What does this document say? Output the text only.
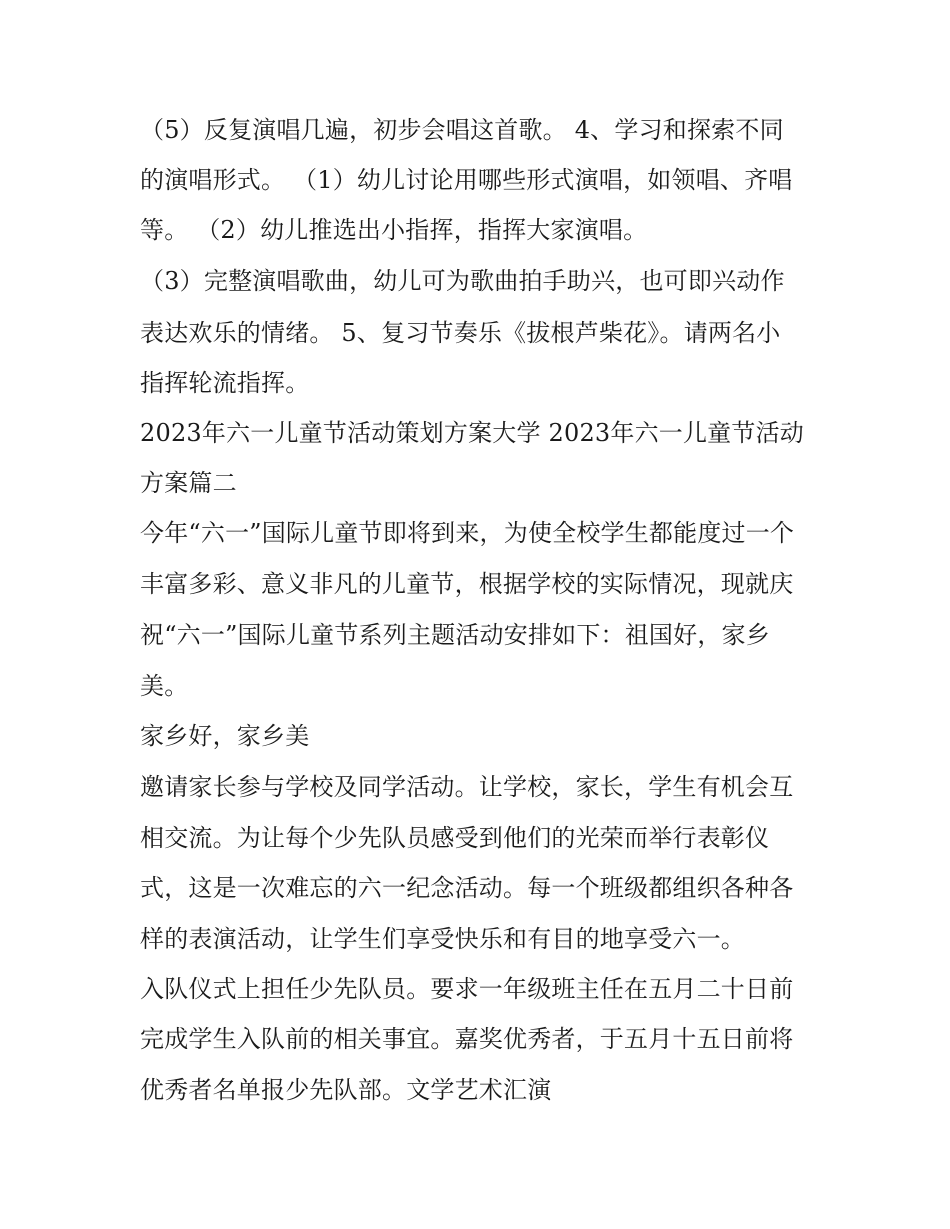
（5）反复演唱几遍，初步会唱这首歌。 4、学习和探索不同
的演唱形式。 （1）幼儿讨论用哪些形式演唱，如领唱、齐唱
等。 （2）幼儿推选出小指挥，指挥大家演唱。
（3）完整演唱歌曲，幼儿可为歌曲拍手助兴，也可即兴动作
表达欢乐的情绪。 5、复习节奏乐《拔根芦柴花》。请两名小
指挥轮流指挥。
2023年六一儿童节活动策划方案大学 2023年六一儿童节活动
方案篇二
今年“六一”国际儿童节即将到来，为使全校学生都能度过一个
丰富多彩、意义非凡的儿童节，根据学校的实际情况，现就庆
祝“六一”国际儿童节系列主题活动安排如下：祖国好，家乡
美。
家乡好，家乡美
邀请家长参与学校及同学活动。让学校，家长，学生有机会互
相交流。为让每个少先队员感受到他们的光荣而举行表彰仪
式，这是一次难忘的六一纪念活动。每一个班级都组织各种各
样的表演活动，让学生们享受快乐和有目的地享受六一。
入队仪式上担任少先队员。要求一年级班主任在五月二十日前
完成学生入队前的相关事宜。嘉奖优秀者，于五月十五日前将
优秀者名单报少先队部。文学艺术汇演
